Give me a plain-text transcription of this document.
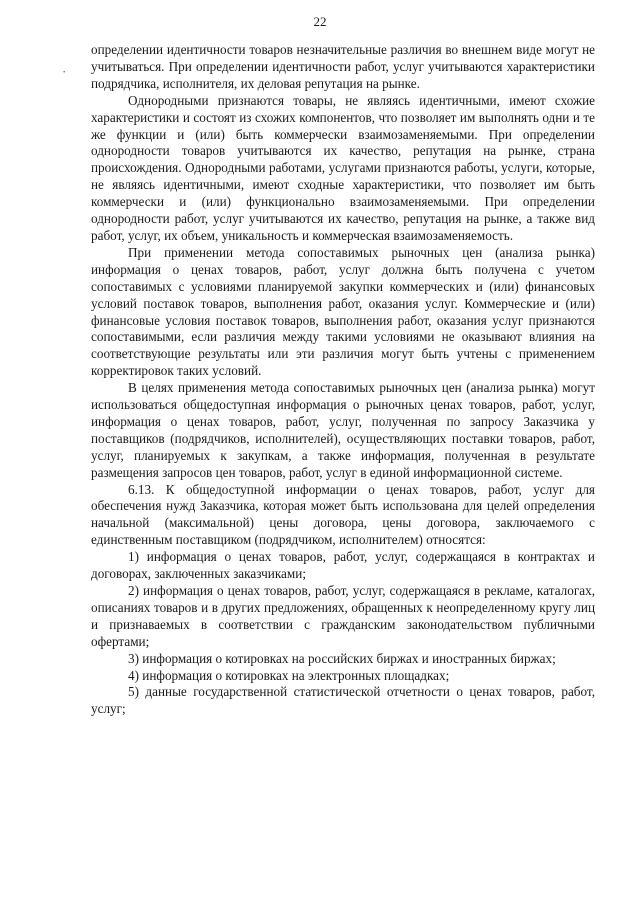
22
·

определении идентичности товаров незначительные различия во внешнем виде могут не учитываться. При определении идентичности работ, услуг учитываются характеристики подрядчика, исполнителя, их деловая репутация на рынке.

Однородными признаются товары, не являясь идентичными, имеют схожие характеристики и состоят из схожих компонентов, что позволяет им выполнять одни и те же функции и (или) быть коммерчески взаимозаменяемыми. При определении однородности товаров учитываются их качество, репутация на рынке, страна происхождения. Однородными работами, услугами признаются работы, услуги, которые, не являясь идентичными, имеют сходные характеристики, что позволяет им быть коммерчески и (или) функционально взаимозаменяемыми. При определении однородности работ, услуг учитываются их качество, репутация на рынке, а также вид работ, услуг, их объем, уникальность и коммерческая взаимозаменяемость.

При применении метода сопоставимых рыночных цен (анализа рынка) информация о ценах товаров, работ, услуг должна быть получена с учетом сопоставимых с условиями планируемой закупки коммерческих и (или) финансовых условий поставок товаров, выполнения работ, оказания услуг. Коммерческие и (или) финансовые условия поставок товаров, выполнения работ, оказания услуг признаются сопоставимыми, если различия между такими условиями не оказывают влияния на соответствующие результаты или эти различия могут быть учтены с применением корректировок таких условий.

В целях применения метода сопоставимых рыночных цен (анализа рынка) могут использоваться общедоступная информация о рыночных ценах товаров, работ, услуг, информация о ценах товаров, работ, услуг, полученная по запросу Заказчика у поставщиков (подрядчиков, исполнителей), осуществляющих поставки товаров, работ, услуг, планируемых к закупкам, а также информация, полученная в результате размещения запросов цен товаров, работ, услуг в единой информационной системе.

6.13. К общедоступной информации о ценах товаров, работ, услуг для обеспечения нужд Заказчика, которая может быть использована для целей определения начальной (максимальной) цены договора, цены договора, заключаемого с единственным поставщиком (подрядчиком, исполнителем) относятся:

1) информация о ценах товаров, работ, услуг, содержащаяся в контрактах и договорах, заключенных заказчиками;

2) информация о ценах товаров, работ, услуг, содержащаяся в рекламе, каталогах, описаниях товаров и в других предложениях, обращенных к неопределенному кругу лиц и признаваемых в соответствии с гражданским законодательством публичными офертами;

3) информация о котировках на российских биржах и иностранных биржах;

4) информация о котировках на электронных площадках;

5) данные государственной статистической отчетности о ценах товаров, работ, услуг;
